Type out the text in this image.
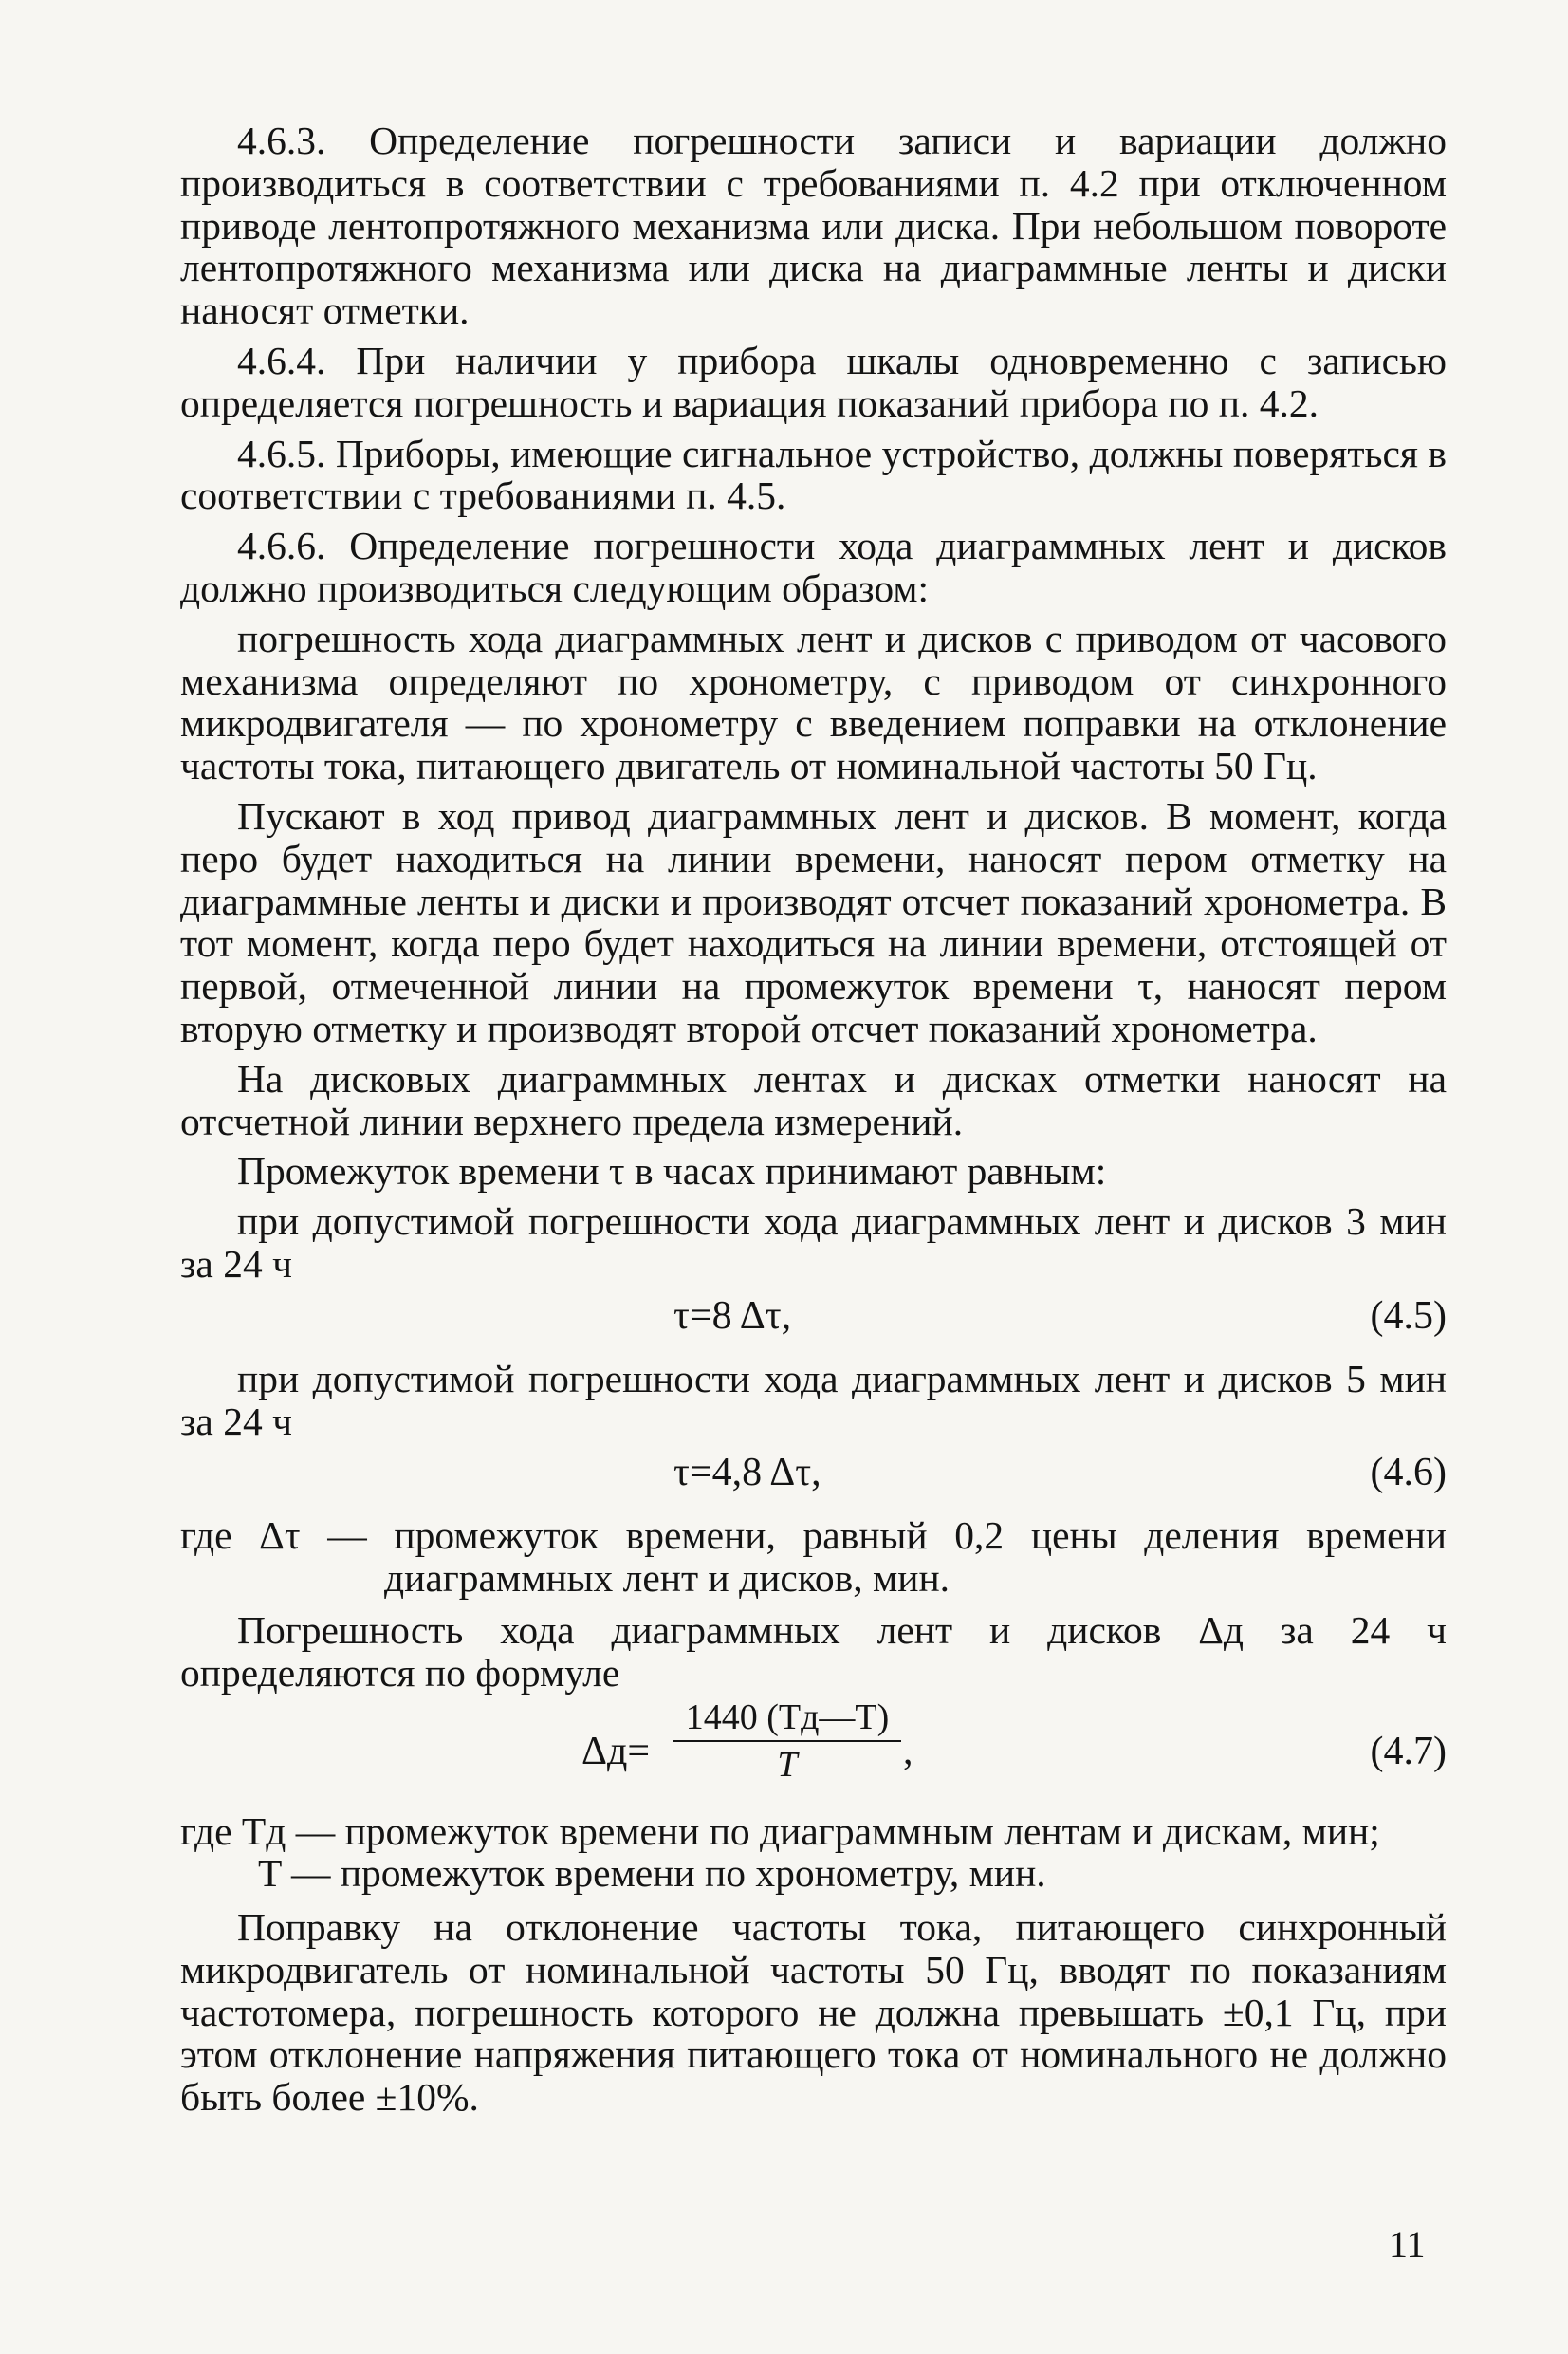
4.6.3. Определение погрешности записи и вариации должно производиться в соответствии с требованиями п. 4.2 при отключенном приводе лентопротяжного механизма или диска. При небольшом повороте лентопротяжного механизма или диска на диаграммные ленты и диски наносят отметки.

4.6.4. При наличии у прибора шкалы одновременно с записью определяется погрешность и вариация показаний прибора по п. 4.2.

4.6.5. Приборы, имеющие сигнальное устройство, должны поверяться в соответствии с требованиями п. 4.5.

4.6.6. Определение погрешности хода диаграммных лент и дисков должно производиться следующим образом:

погрешность хода диаграммных лент и дисков с приводом от часового механизма определяют по хронометру, с приводом от синхронного микродвигателя — по хронометру с введением поправки на отклонение частоты тока, питающего двигатель от номинальной частоты 50 Гц.

Пускают в ход привод диаграммных лент и дисков. В момент, когда перо будет находиться на линии времени, наносят пером отметку на диаграммные ленты и диски и производят отсчет показаний хронометра. В тот момент, когда перо будет находиться на линии времени, отстоящей от первой, отмеченной линии на промежуток времени τ, наносят пером вторую отметку и производят второй отсчет показаний хронометра.

На дисковых диаграммных лентах и дисках отметки наносят на отсчетной линии верхнего предела измерений.

Промежуток времени τ в часах принимают равным:

при допустимой погрешности хода диаграммных лент и дисков 3 мин за 24 ч

τ=8 Δτ,	(4.5)

при допустимой погрешности хода диаграммных лент и дисков 5 мин за 24 ч

τ=4,8 Δτ,	(4.6)

где Δτ — промежуток времени, равный 0,2 цены деления времени диаграммных лент и дисков, мин.

Погрешность хода диаграммных лент и дисков Δд за 24 ч определяются по формуле

Δд=
1440 (Tд—T)
T	,	(4.7)

где Tд — промежуток времени по диаграммным лентам и дискам, мин;

T — промежуток времени по хронометру, мин.

Поправку на отклонение частоты тока, питающего синхронный микродвигатель от номинальной частоты 50 Гц, вводят по показаниям частотомера, погрешность которого не должна превышать ±0,1 Гц, при этом отклонение напряжения питающего тока от номинального не должно быть более ±10%.

11
